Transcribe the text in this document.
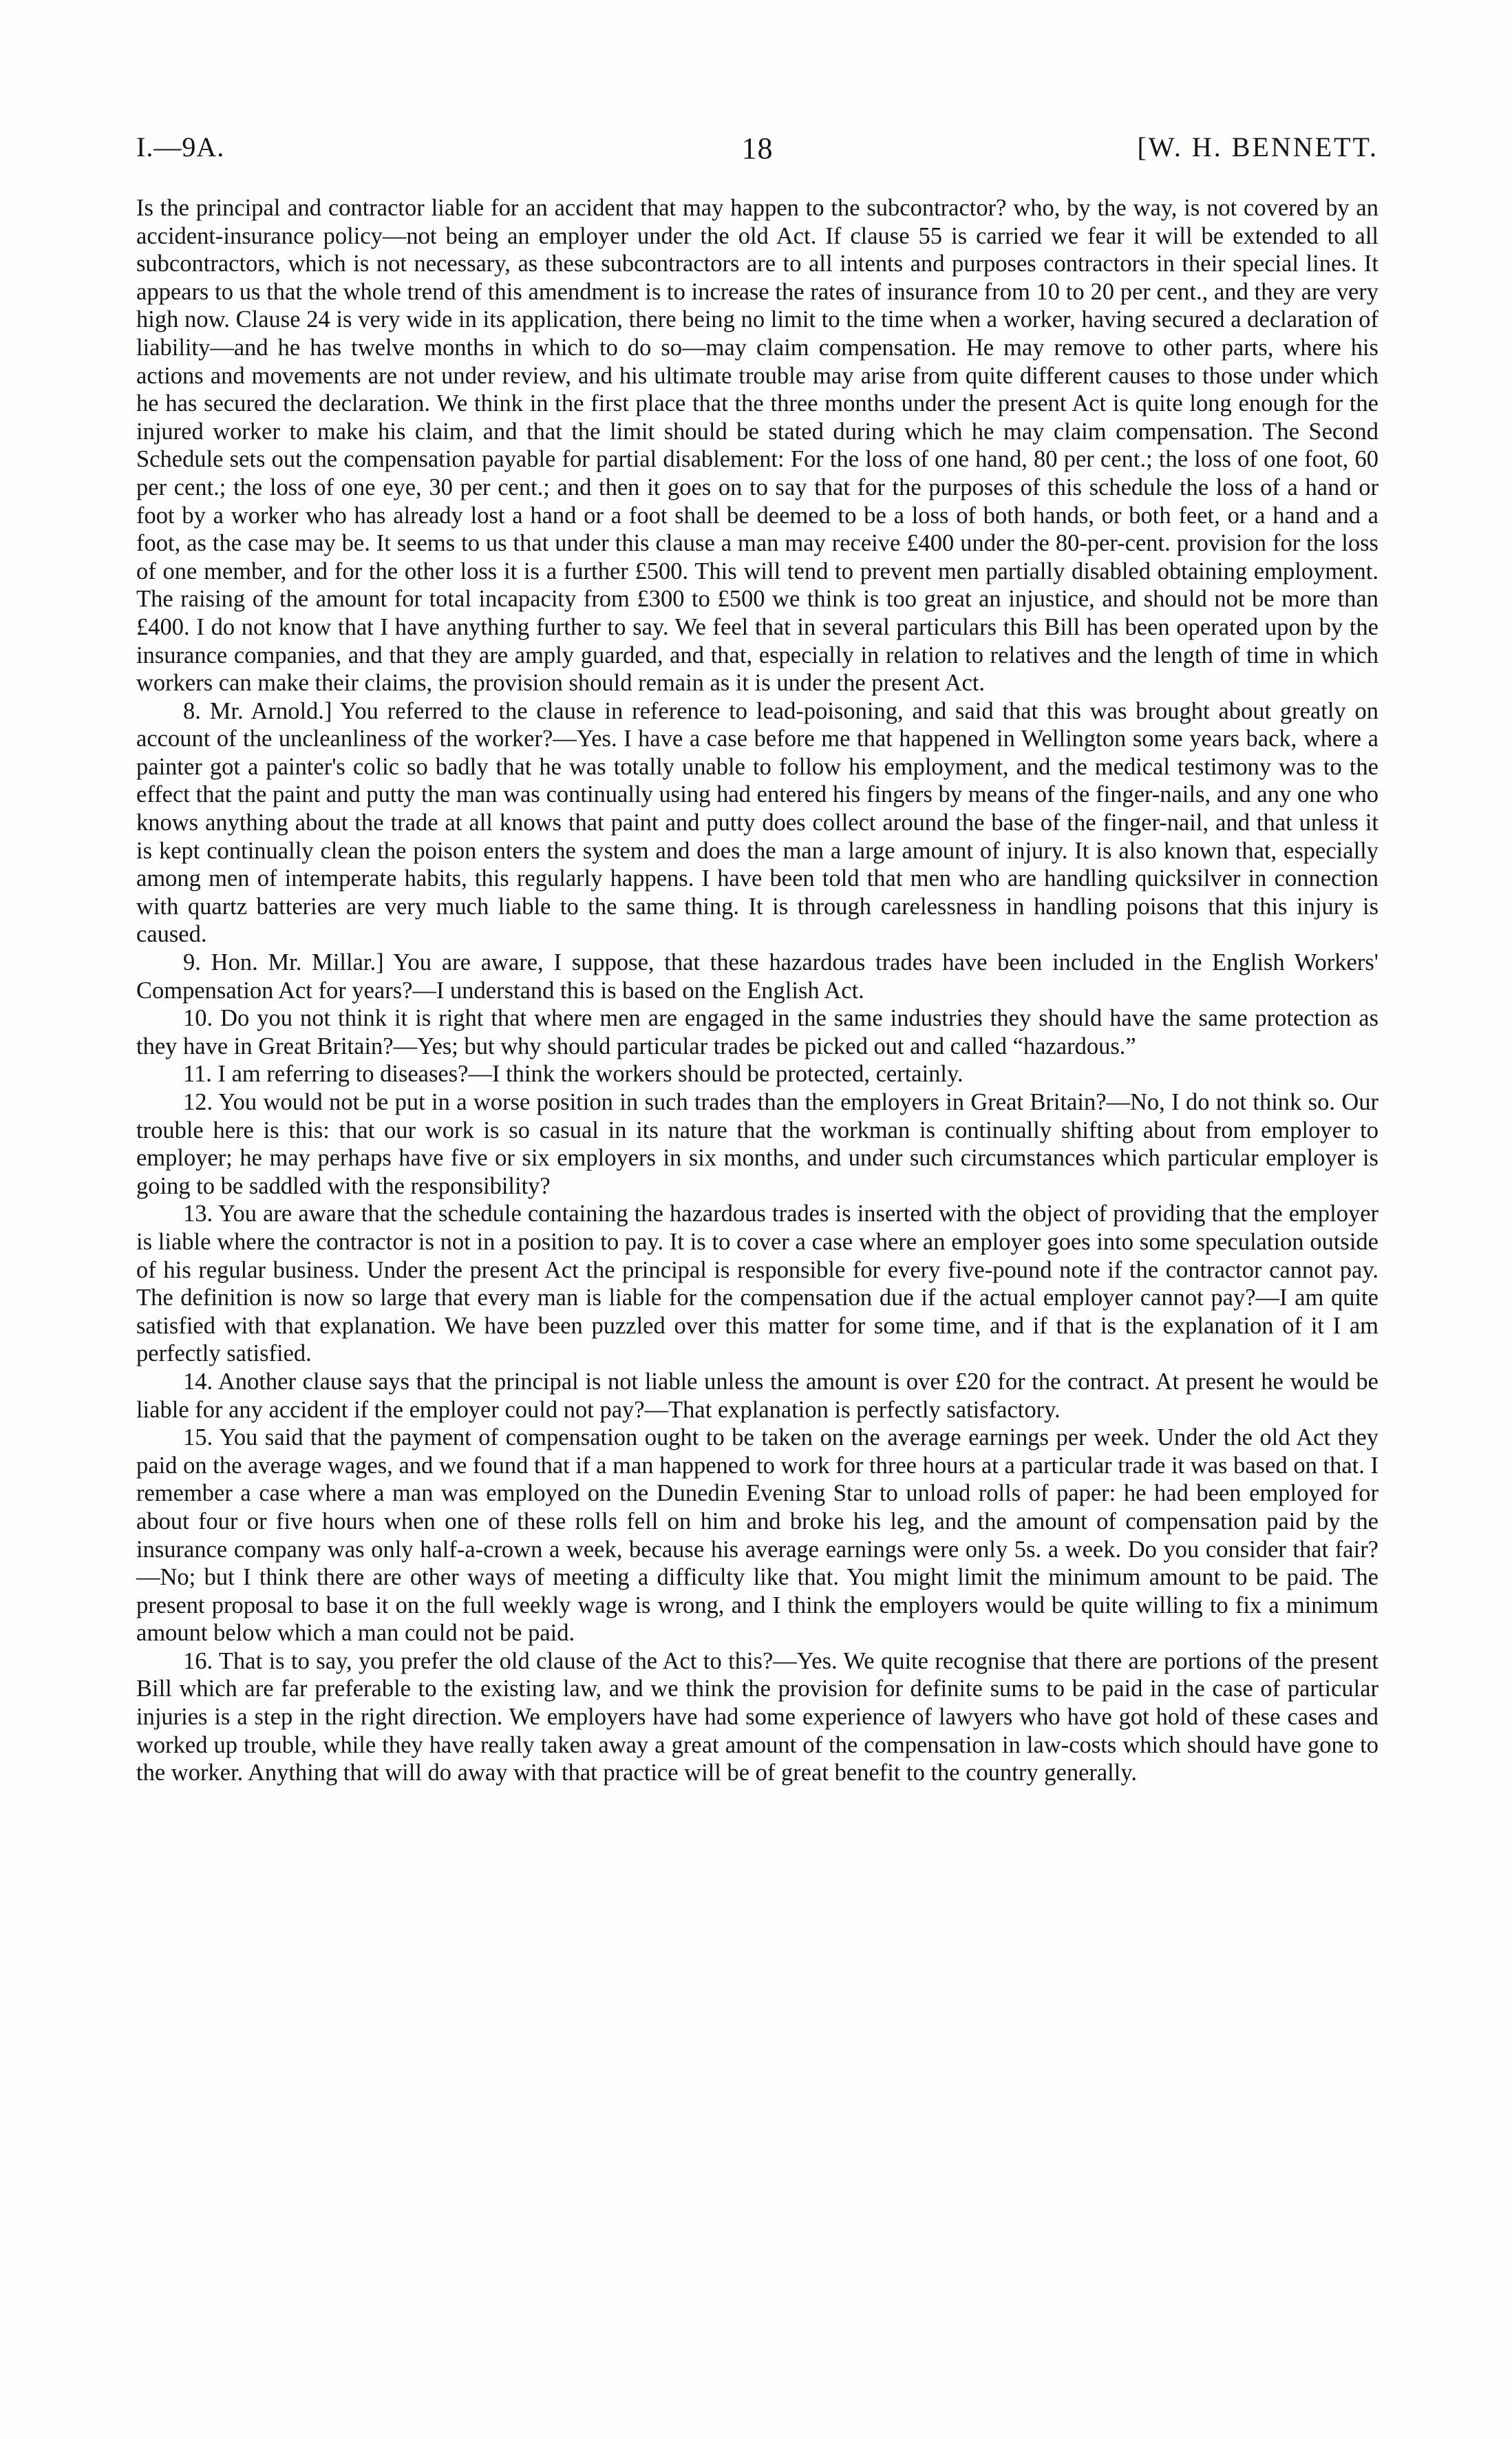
I.—9A.	18	[W. H. BENNETT.

Is the principal and contractor liable for an accident that may happen to the subcontractor? who, by the way, is not covered by an accident-insurance policy—not being an employer under the old Act. If clause 55 is carried we fear it will be extended to all subcontractors, which is not necessary, as these subcontractors are to all intents and purposes contractors in their special lines. It appears to us that the whole trend of this amendment is to increase the rates of insurance from 10 to 20 per cent., and they are very high now. Clause 24 is very wide in its application, there being no limit to the time when a worker, having secured a declaration of liability—and he has twelve months in which to do so—may claim compensation. He may remove to other parts, where his actions and movements are not under review, and his ultimate trouble may arise from quite different causes to those under which he has secured the declaration. We think in the first place that the three months under the present Act is quite long enough for the injured worker to make his claim, and that the limit should be stated during which he may claim compensation. The Second Schedule sets out the compensation payable for partial disablement: For the loss of one hand, 80 per cent.; the loss of one foot, 60 per cent.; the loss of one eye, 30 per cent.; and then it goes on to say that for the purposes of this schedule the loss of a hand or foot by a worker who has already lost a hand or a foot shall be deemed to be a loss of both hands, or both feet, or a hand and a foot, as the case may be. It seems to us that under this clause a man may receive £400 under the 80-per-cent. provision for the loss of one member, and for the other loss it is a further £500. This will tend to prevent men partially disabled obtaining employment. The raising of the amount for total incapacity from £300 to £500 we think is too great an injustice, and should not be more than £400. I do not know that I have anything further to say. We feel that in several particulars this Bill has been operated upon by the insurance companies, and that they are amply guarded, and that, especially in relation to relatives and the length of time in which workers can make their claims, the provision should remain as it is under the present Act.

8. Mr. Arnold.] You referred to the clause in reference to lead-poisoning, and said that this was brought about greatly on account of the uncleanliness of the worker?—Yes. I have a case before me that happened in Wellington some years back, where a painter got a painter's colic so badly that he was totally unable to follow his employment, and the medical testimony was to the effect that the paint and putty the man was continually using had entered his fingers by means of the finger-nails, and any one who knows anything about the trade at all knows that paint and putty does collect around the base of the finger-nail, and that unless it is kept continually clean the poison enters the system and does the man a large amount of injury. It is also known that, especially among men of intemperate habits, this regularly happens. I have been told that men who are handling quicksilver in connection with quartz batteries are very much liable to the same thing. It is through carelessness in handling poisons that this injury is caused.

9. Hon. Mr. Millar.] You are aware, I suppose, that these hazardous trades have been included in the English Workers' Compensation Act for years?—I understand this is based on the English Act.

10. Do you not think it is right that where men are engaged in the same industries they should have the same protection as they have in Great Britain?—Yes; but why should particular trades be picked out and called “hazardous.”

11. I am referring to diseases?—I think the workers should be protected, certainly.

12. You would not be put in a worse position in such trades than the employers in Great Britain?—No, I do not think so. Our trouble here is this: that our work is so casual in its nature that the workman is continually shifting about from employer to employer; he may perhaps have five or six employers in six months, and under such circumstances which particular employer is going to be saddled with the responsibility?

13. You are aware that the schedule containing the hazardous trades is inserted with the object of providing that the employer is liable where the contractor is not in a position to pay. It is to cover a case where an employer goes into some speculation outside of his regular business. Under the present Act the principal is responsible for every five-pound note if the contractor cannot pay. The definition is now so large that every man is liable for the compensation due if the actual employer cannot pay?—I am quite satisfied with that explanation. We have been puzzled over this matter for some time, and if that is the explanation of it I am perfectly satisfied.

14. Another clause says that the principal is not liable unless the amount is over £20 for the contract. At present he would be liable for any accident if the employer could not pay?—That explanation is perfectly satisfactory.

15. You said that the payment of compensation ought to be taken on the average earnings per week. Under the old Act they paid on the average wages, and we found that if a man happened to work for three hours at a particular trade it was based on that. I remember a case where a man was employed on the Dunedin Evening Star to unload rolls of paper: he had been employed for about four or five hours when one of these rolls fell on him and broke his leg, and the amount of compensation paid by the insurance company was only half-a-crown a week, because his average earnings were only 5s. a week. Do you consider that fair?—No; but I think there are other ways of meeting a difficulty like that. You might limit the minimum amount to be paid. The present proposal to base it on the full weekly wage is wrong, and I think the employers would be quite willing to fix a minimum amount below which a man could not be paid.

16. That is to say, you prefer the old clause of the Act to this?—Yes. We quite recognise that there are portions of the present Bill which are far preferable to the existing law, and we think the provision for definite sums to be paid in the case of particular injuries is a step in the right direction. We employers have had some experience of lawyers who have got hold of these cases and worked up trouble, while they have really taken away a great amount of the compensation in law-costs which should have gone to the worker. Anything that will do away with that practice will be of great benefit to the country generally.
